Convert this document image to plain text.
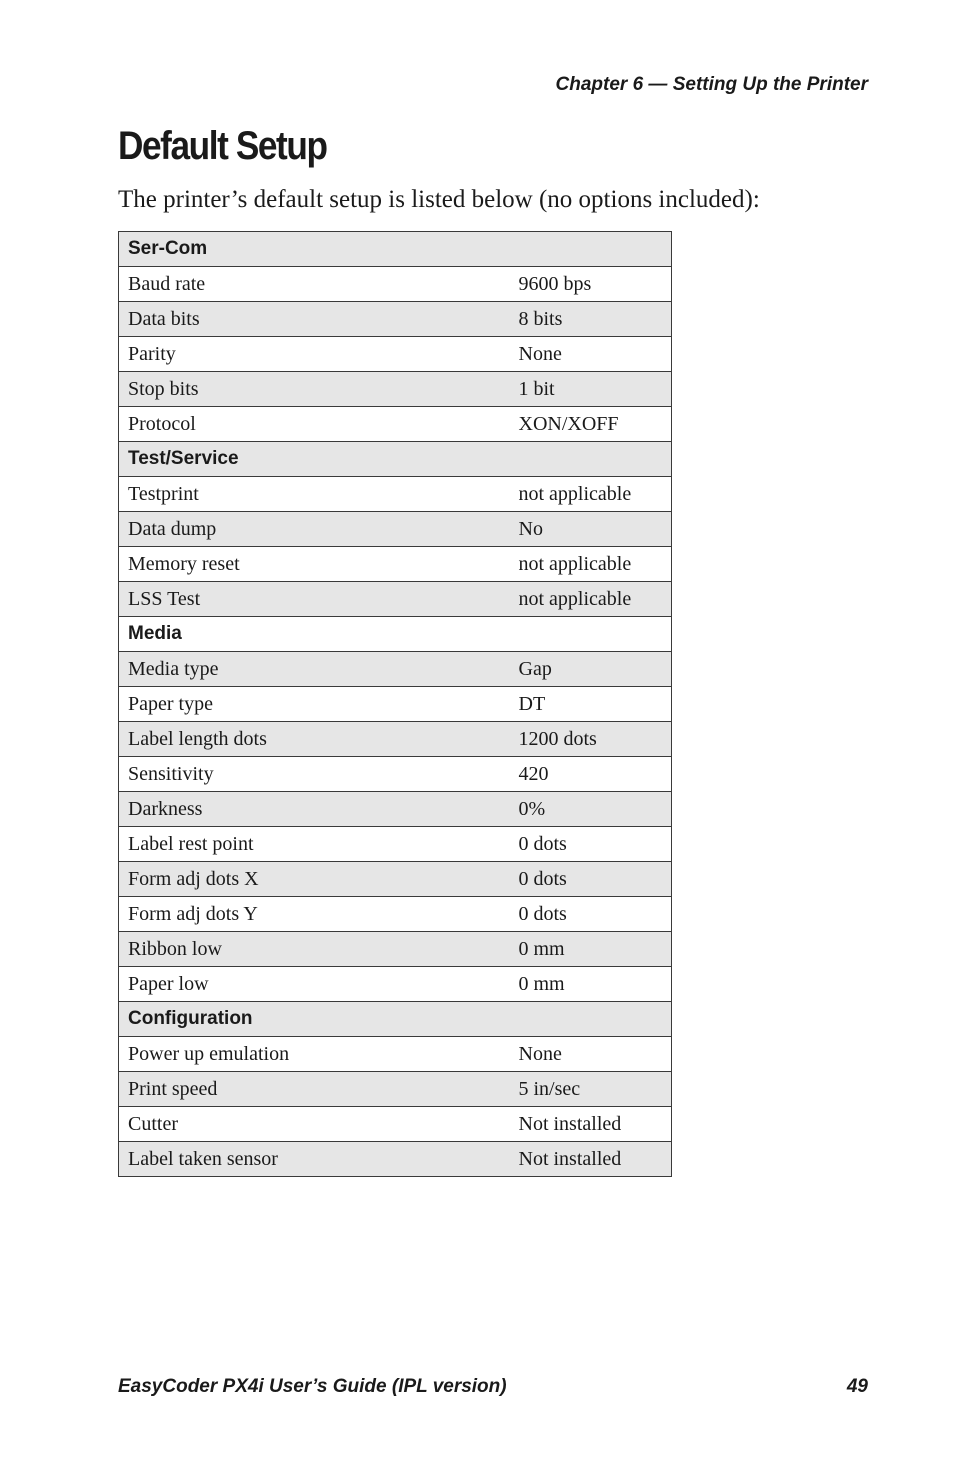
Chapter 6 — Setting Up the Printer
Default Setup

The printer’s default setup is listed below (no options included):

Ser-Com	
Baud rate	9600 bps
Data bits	8 bits
Parity	None
Stop bits	1 bit
Protocol	XON/XOFF
Test/Service	
Testprint	not applicable
Data dump	No
Memory reset	not applicable
LSS Test	not applicable
Media	
Media type	Gap
Paper type	DT
Label length dots	1200 dots
Sensitivity	420
Darkness	0%
Label rest point	0 dots
Form adj dots X	0 dots
Form adj dots Y	0 dots
Ribbon low	0 mm
Paper low	0 mm
Configuration	
Power up emulation	None
Print speed	5 in/sec
Cutter	Not installed
Label taken sensor	Not installed
EasyCoder PX4i User’s Guide (IPL version)	49
